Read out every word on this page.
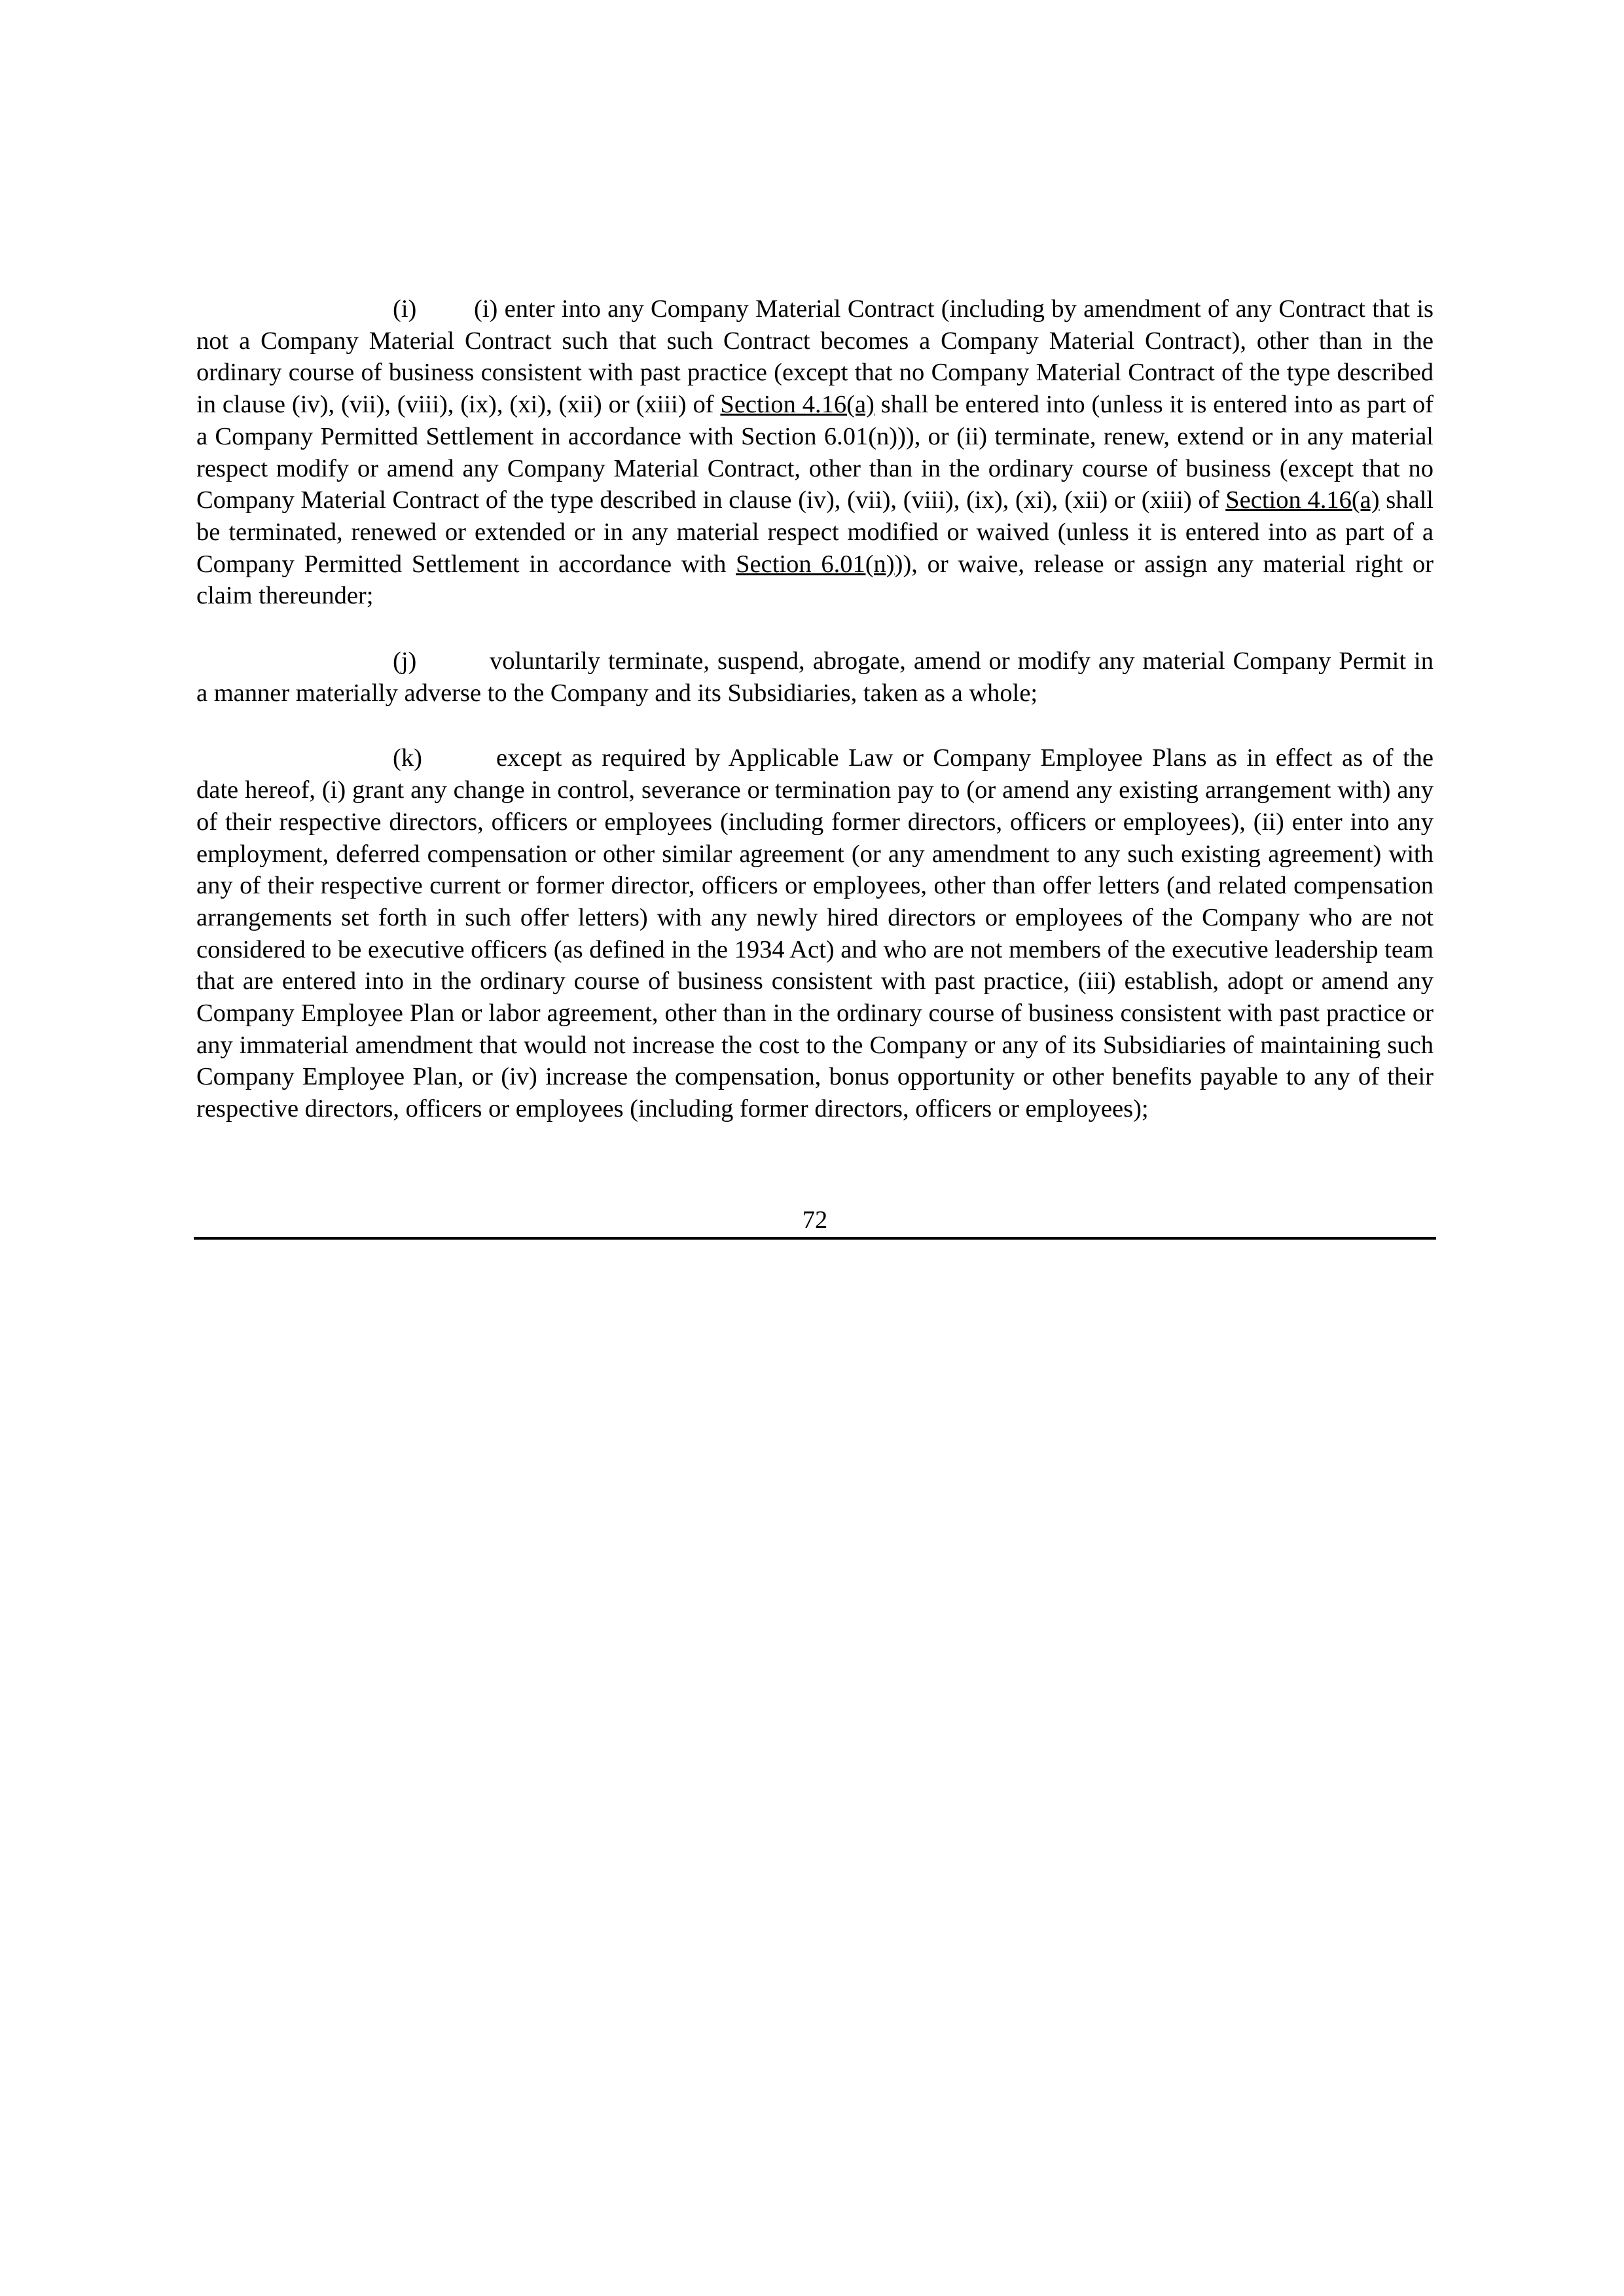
(i) (i) enter into any Company Material Contract (including by amendment of any Contract that is not a Company Material Contract such that such Contract becomes a Company Material Contract), other than in the ordinary course of business consistent with past practice (except that no Company Material Contract of the type described in clause (iv), (vii), (viii), (ix), (xi), (xii) or (xiii) of Section 4.16(a) shall be entered into (unless it is entered into as part of a Company Permitted Settlement in accordance with Section 6.01(n))), or (ii) terminate, renew, extend or in any material respect modify or amend any Company Material Contract, other than in the ordinary course of business (except that no Company Material Contract of the type described in clause (iv), (vii), (viii), (ix), (xi), (xii) or (xiii) of Section 4.16(a) shall be terminated, renewed or extended or in any material respect modified or waived (unless it is entered into as part of a Company Permitted Settlement in accordance with Section 6.01(n))), or waive, release or assign any material right or claim thereunder;

(j)	voluntarily terminate, suspend, abrogate, amend or modify any material Company Permit in a manner materially adverse to the Company and its Subsidiaries, taken as a whole;

(k)	except as required by Applicable Law or Company Employee Plans as in effect as of the date hereof, (i) grant any change in control, severance or termination pay to (or amend any existing arrangement with) any of their respective directors, officers or employees (including former directors, officers or employees), (ii) enter into any employment, deferred compensation or other similar agreement (or any amendment to any such existing agreement) with any of their respective current or former director, officers or employees, other than offer letters (and related compensation arrangements set forth in such offer letters) with any newly hired directors or employees of the Company who are not considered to be executive officers (as defined in the 1934 Act) and who are not members of the executive leadership team that are entered into in the ordinary course of business consistent with past practice, (iii) establish, adopt or amend any Company Employee Plan or labor agreement, other than in the ordinary course of business consistent with past practice or any immaterial amendment that would not increase the cost to the Company or any of its Subsidiaries of maintaining such Company Employee Plan, or (iv) increase the compensation, bonus opportunity or other benefits payable to any of their respective directors, officers or employees (including former directors, officers or employees);

72
